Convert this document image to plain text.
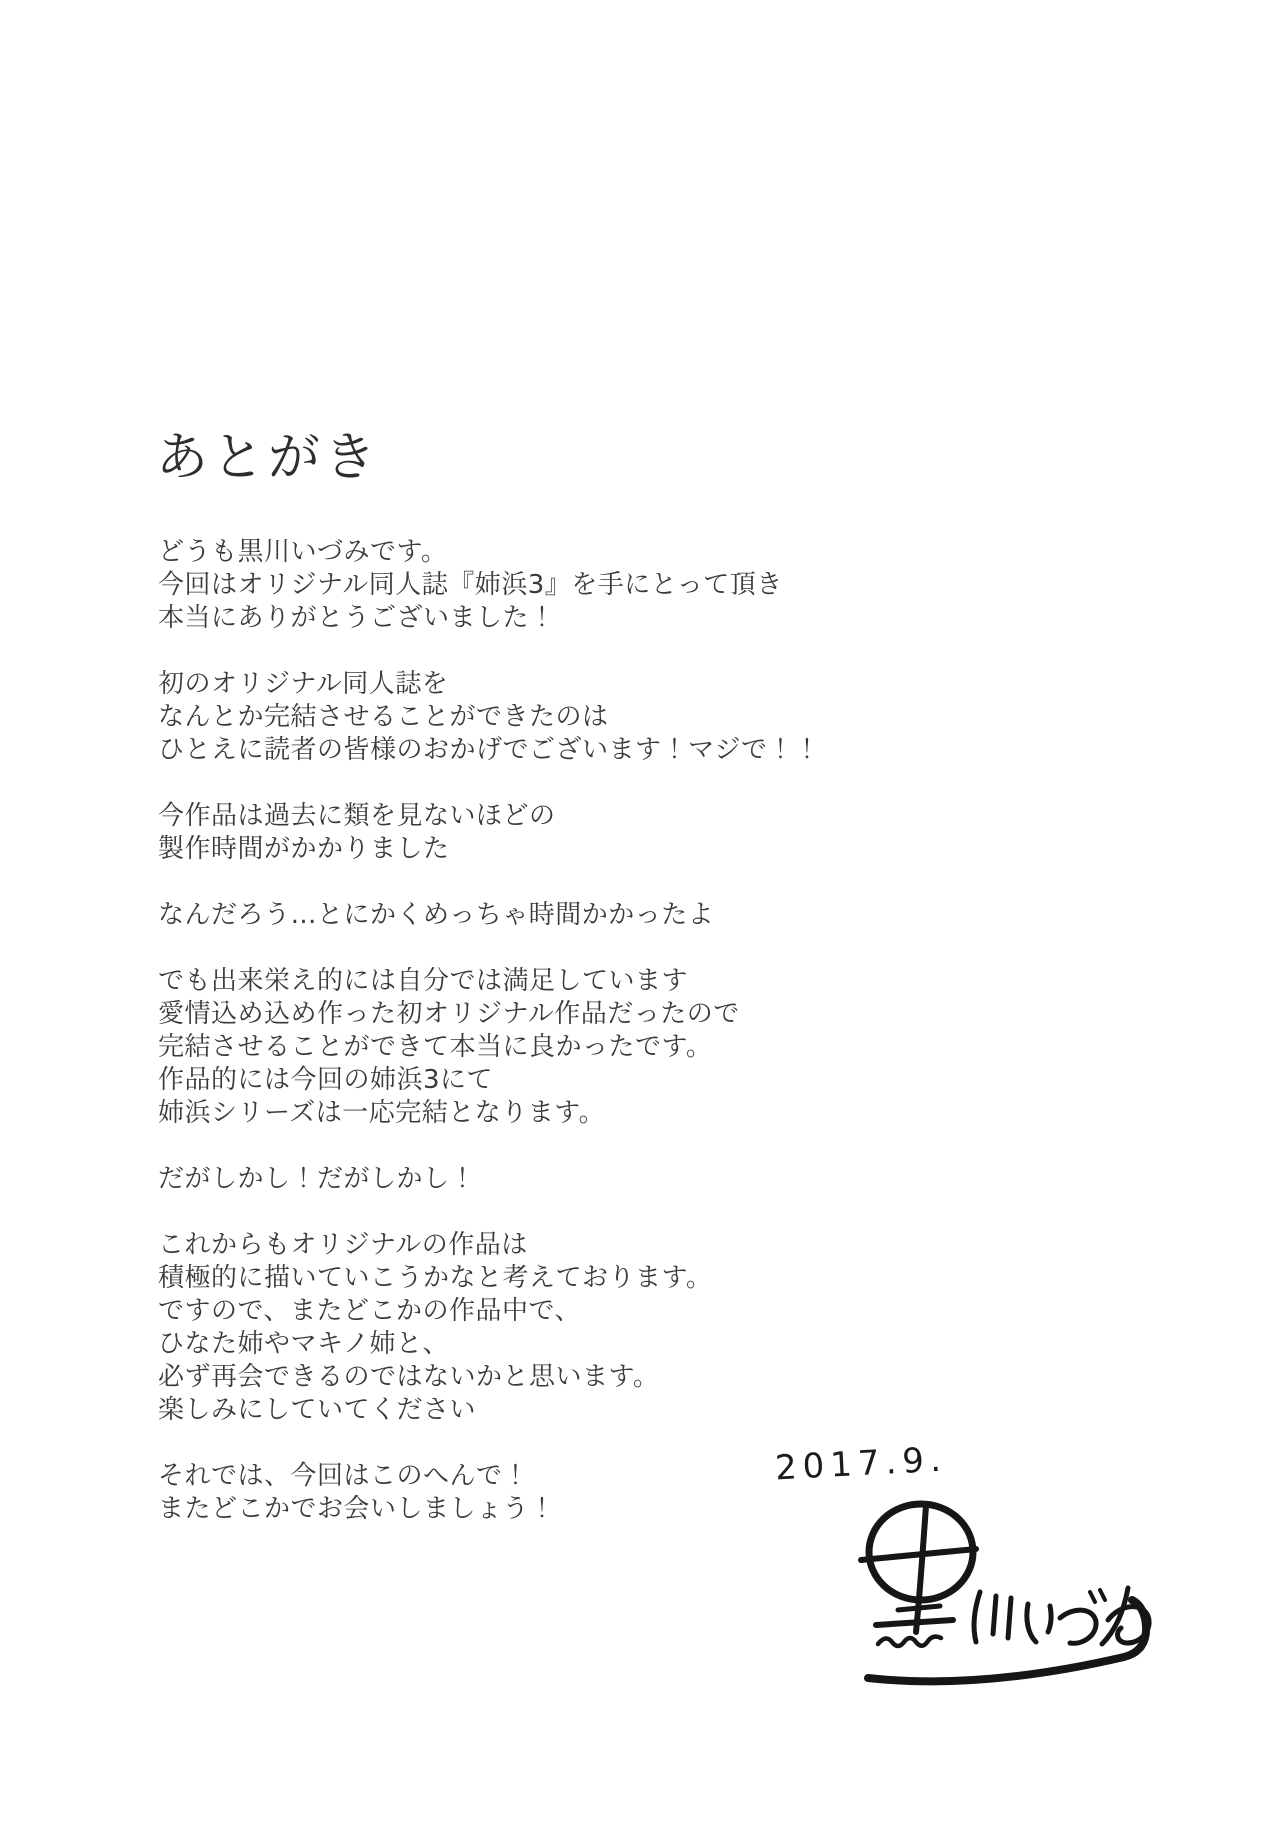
あとがき
どうも黒川いづみです。
今回はオリジナル同人誌『姉浜3』を手にとって頂き
本当にありがとうございました！
初のオリジナル同人誌を
なんとか完結させることができたのは
ひとえに読者の皆様のおかげでございます！マジで！！
今作品は過去に類を見ないほどの
製作時間がかかりました
なんだろう…とにかくめっちゃ時間かかったよ
でも出来栄え的には自分では満足しています
愛情込め込め作った初オリジナル作品だったので
完結させることができて本当に良かったです。
作品的には今回の姉浜3にて
姉浜シリーズは一応完結となります。
だがしかし！だがしかし！
これからもオリジナルの作品は
積極的に描いていこうかなと考えております。
ですので、またどこかの作品中で、
ひなた姉やマキノ姉と、
必ず再会できるのではないかと思います。
楽しみにしていてください
それでは、今回はこのへんで！
またどこかでお会いしましょう！
2017.9.
